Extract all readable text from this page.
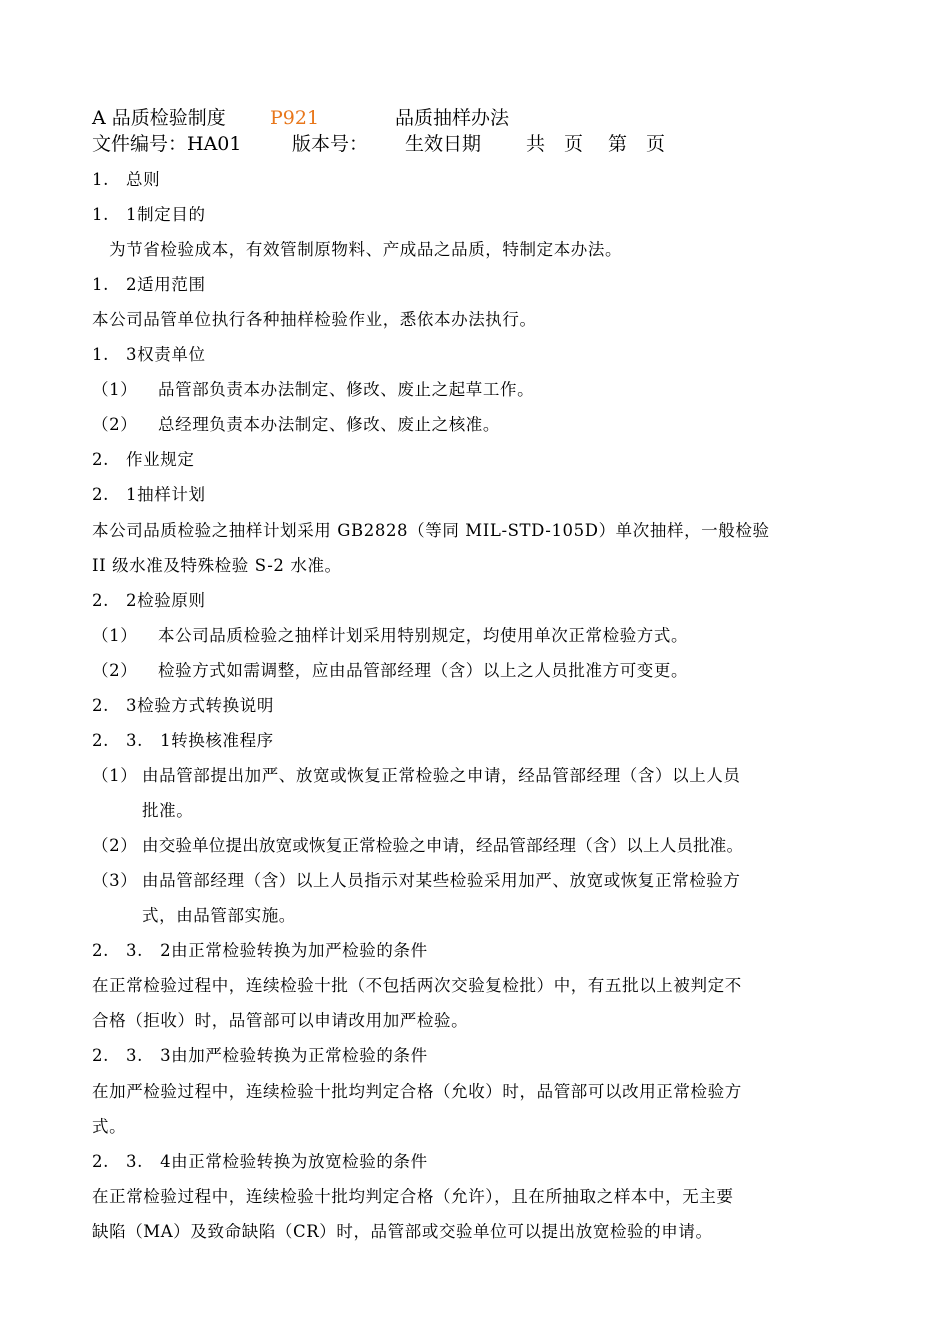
A 品质检验制度 P921	品质抽样办法
文件编号：HA01	版本号： 生效日期 共　页 第　页
1.　总则
1.　1制定目的
　为节省检验成本，有效管制原物料、产成品之品质，特制定本办法。
1.　2适用范围
本公司品管单位执行各种抽样检验作业，悉依本办法执行。
1.　3权责单位
（1） 品管部负责本办法制定、修改、废止之起草工作。
（2） 总经理负责本办法制定、修改、废止之核准。
2.　作业规定
2.　1抽样计划
本公司品质检验之抽样计划采用 GB2828（等同 MIL-STD-105D）单次抽样，一般检验
II 级水准及特殊检验 S-2 水准。
2.　2检验原则
（1） 本公司品质检验之抽样计划采用特别规定，均使用单次正常检验方式。
（2） 检验方式如需调整，应由品管部经理（含）以上之人员批准方可变更。
2.　3检验方式转换说明
2.　3.　1转换核准程序
（1） 由品管部提出加严、放宽或恢复正常检验之申请，经品管部经理（含）以上人员
批准。
（2） 由交验单位提出放宽或恢复正常检验之申请，经品管部经理（含）以上人员批准。
（3） 由品管部经理（含）以上人员指示对某些检验采用加严、放宽或恢复正常检验方
式，由品管部实施。
2.　3.　2由正常检验转换为加严检验的条件
在正常检验过程中，连续检验十批（不包括两次交验复检批）中，有五批以上被判定不
合格（拒收）时，品管部可以申请改用加严检验。
2.　3.　3由加严检验转换为正常检验的条件
在加严检验过程中，连续检验十批均判定合格（允收）时，品管部可以改用正常检验方
式。
2.　3.　4由正常检验转换为放宽检验的条件
在正常检验过程中，连续检验十批均判定合格（允许），且在所抽取之样本中，无主要
缺陷（MA）及致命缺陷（CR）时，品管部或交验单位可以提出放宽检验的申请。
